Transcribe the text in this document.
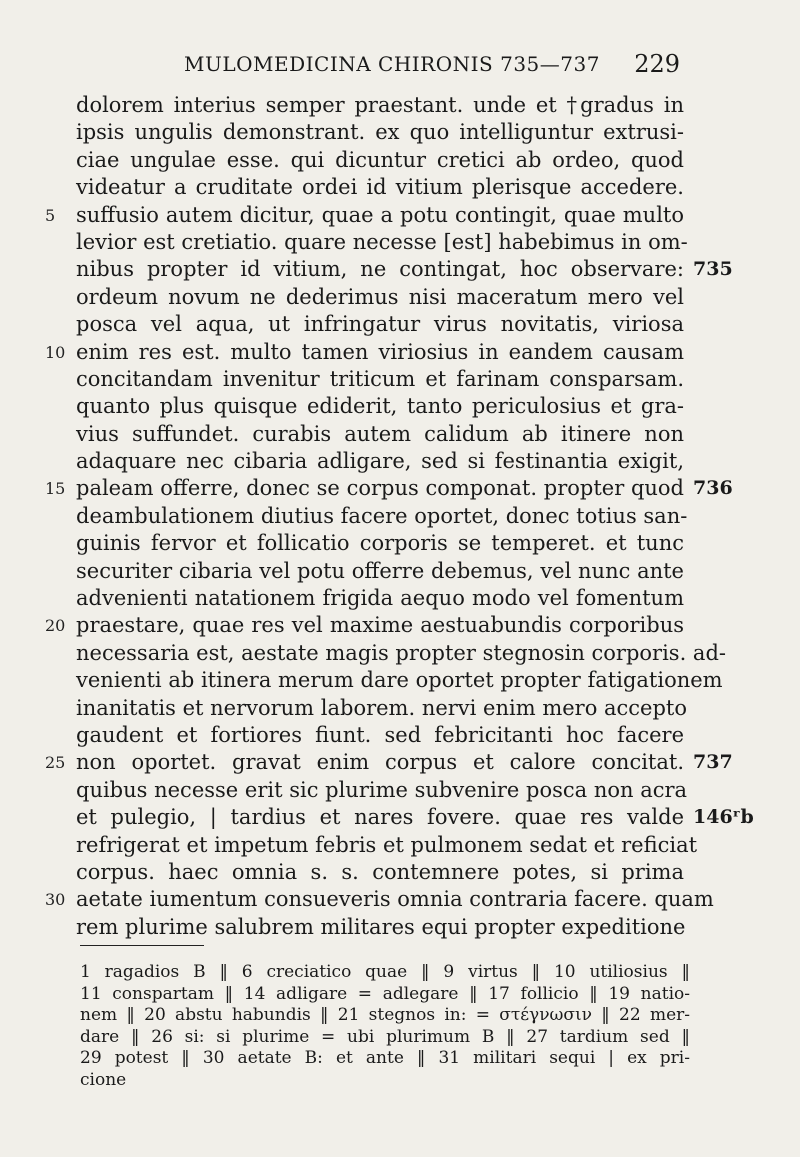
MULOMEDICINA CHIRONIS 735—737	229
dolorem interius semper praestant. unde et †gradus in
ipsis ungulis demonstrant. ex quo intelliguntur extrusi-
ciae ungulae esse. qui dicuntur cretici ab ordeo, quod
videatur a cruditate ordei id vitium plerisque accedere.
suffusio autem dicitur, quae a potu contingit, quae multo
5
levior est cretiatio. quare necesse [est] habebimus in om-
nibus propter id vitium, ne contingat, hoc observare: 735
ordeum novum ne dederimus nisi maceratum mero vel
posca vel aqua, ut infringatur virus novitatis, viriosa
enim res est. multo tamen viriosius in eandem causam
10
concitandam invenitur triticum et farinam consparsam.
quanto plus quisque ediderit, tanto periculosius et gra-
vius suffundet. curabis autem calidum ab itinere non
adaquare nec cibaria adligare, sed si festinantia exigit,
paleam offerre, donec se corpus componat. propter quod
15	736
deambulationem diutius facere oportet, donec totius san-
guinis fervor et follicatio corporis se temperet. et tunc
securiter cibaria vel potu offerre debemus, vel nunc ante
advenienti natationem frigida aequo modo vel fomentum
praestare, quae res vel maxime aestuabundis corporibus
20
necessaria est, aestate magis propter stegnosin corporis. ad-
venienti ab itinera merum dare oportet propter fatigationem
inanitatis et nervorum laborem. nervi enim mero accepto
gaudent et fortiores fiunt. sed febricitanti hoc facere
non oportet. gravat enim corpus et calore concitat.
25	737
quibus necesse erit sic plurime subvenire posca non acra
et pulegio, | tardius et nares fovere. quae res valde 146ʳb
refrigerat et impetum febris et pulmonem sedat et reficiat
corpus. haec omnia s. s. contemnere potes, si prima
aetate iumentum consueveris omnia contraria facere. quam
30
rem plurime salubrem militares equi propter expeditione
1 ragadios B ‖ 6 creciatico quae ‖ 9 virtus ‖ 10 utiliosius ‖
11 conspartam ‖ 14 adligare = adlegare ‖ 17 follicio ‖ 19 natio-
nem ‖ 20 abstu habundis ‖ 21 stegnos in: = στέγνωσιν ‖ 22 mer-
dare ‖ 26 si: si plurime = ubi plurimum B ‖ 27 tardium sed ‖
29 potest ‖ 30 aetate B: et ante ‖ 31 militari sequi | ex pri-
cione
